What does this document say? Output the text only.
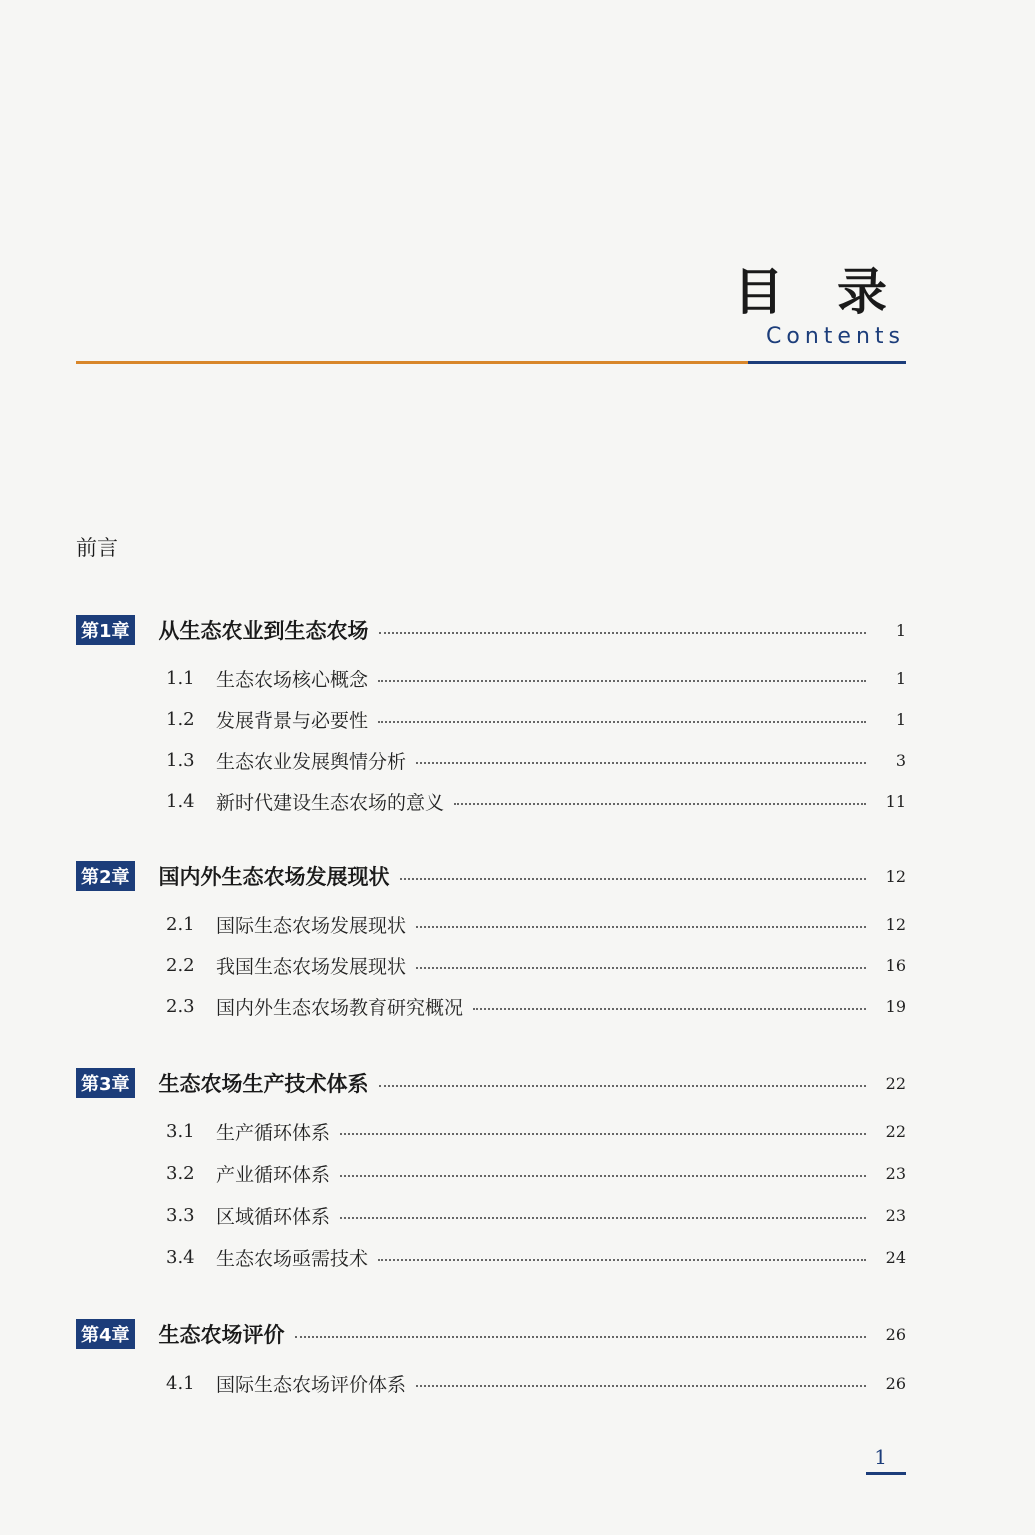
目 录
Contents
前言
第1章 从生态农业到生态农场	1
1.1	生态农场核心概念	1
1.2	发展背景与必要性	1
1.3	生态农业发展舆情分析	3
1.4	新时代建设生态农场的意义	11
第2章 国内外生态农场发展现状	12
2.1	国际生态农场发展现状	12
2.2	我国生态农场发展现状	16
2.3	国内外生态农场教育研究概况	19
第3章 生态农场生产技术体系	22
3.1	生产循环体系	22
3.2	产业循环体系	23
3.3	区域循环体系	23
3.4	生态农场亟需技术	24
第4章 生态农场评价	26
4.1	国际生态农场评价体系	26
1
